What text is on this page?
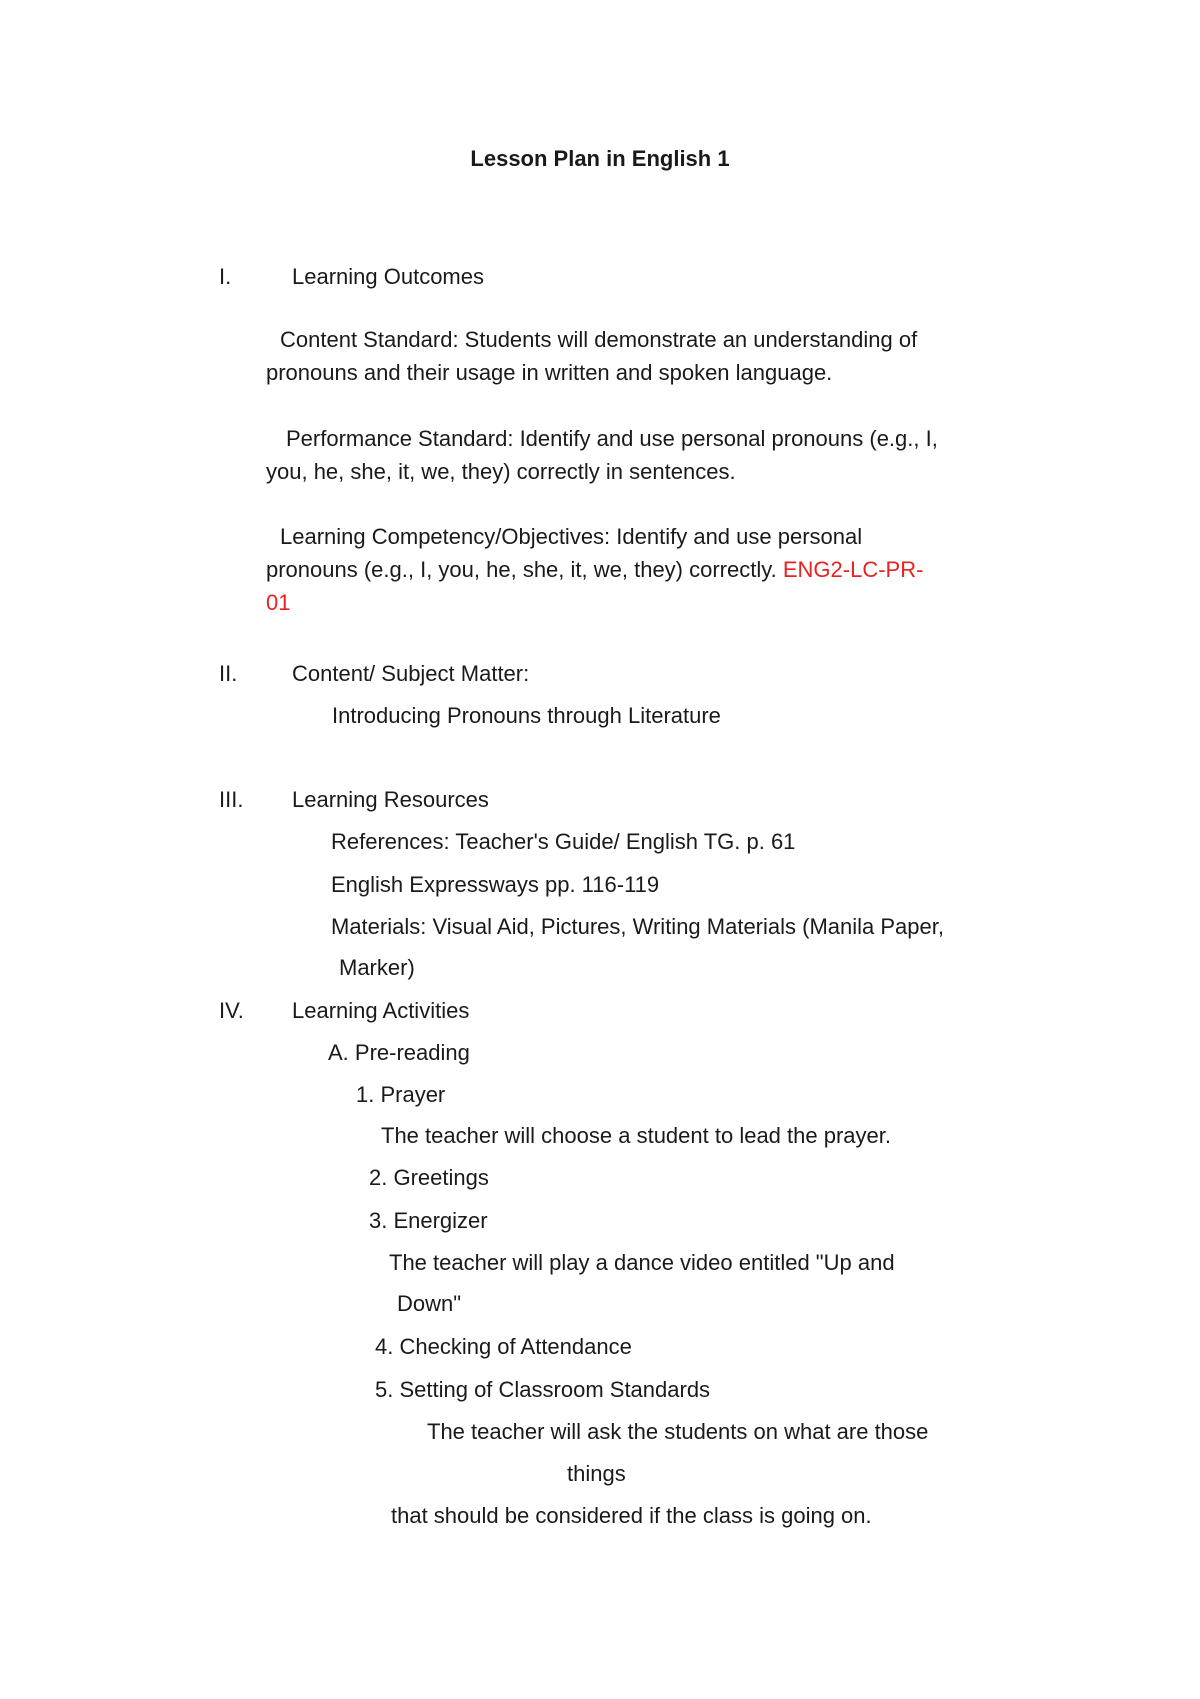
Lesson Plan in English 1

I.	Learning Outcomes

Content Standard: Students will demonstrate an understanding of

pronouns and their usage in written and spoken language.

Performance Standard: Identify and use personal pronouns (e.g., I,

you, he, she, it, we, they) correctly in sentences.

Learning Competency/Objectives: Identify and use personal

pronouns (e.g., I, you, he, she, it, we, they) correctly. ENG2-LC-PR-

01

II. Content/ Subject Matter:

Introducing Pronouns through Literature

III. Learning Resources

References: Teacher's Guide/ English TG. p. 61

English Expressways pp. 116-119

Materials: Visual Aid, Pictures, Writing Materials (Manila Paper,

Marker)

IV. Learning Activities

A. Pre-reading

1. Prayer

The teacher will choose a student to lead the prayer.

2. Greetings

3. Energizer

The teacher will play a dance video entitled "Up and

Down"

4. Checking of Attendance

5. Setting of Classroom Standards

The teacher will ask the students on what are those

things

that should be considered if the class is going on.
